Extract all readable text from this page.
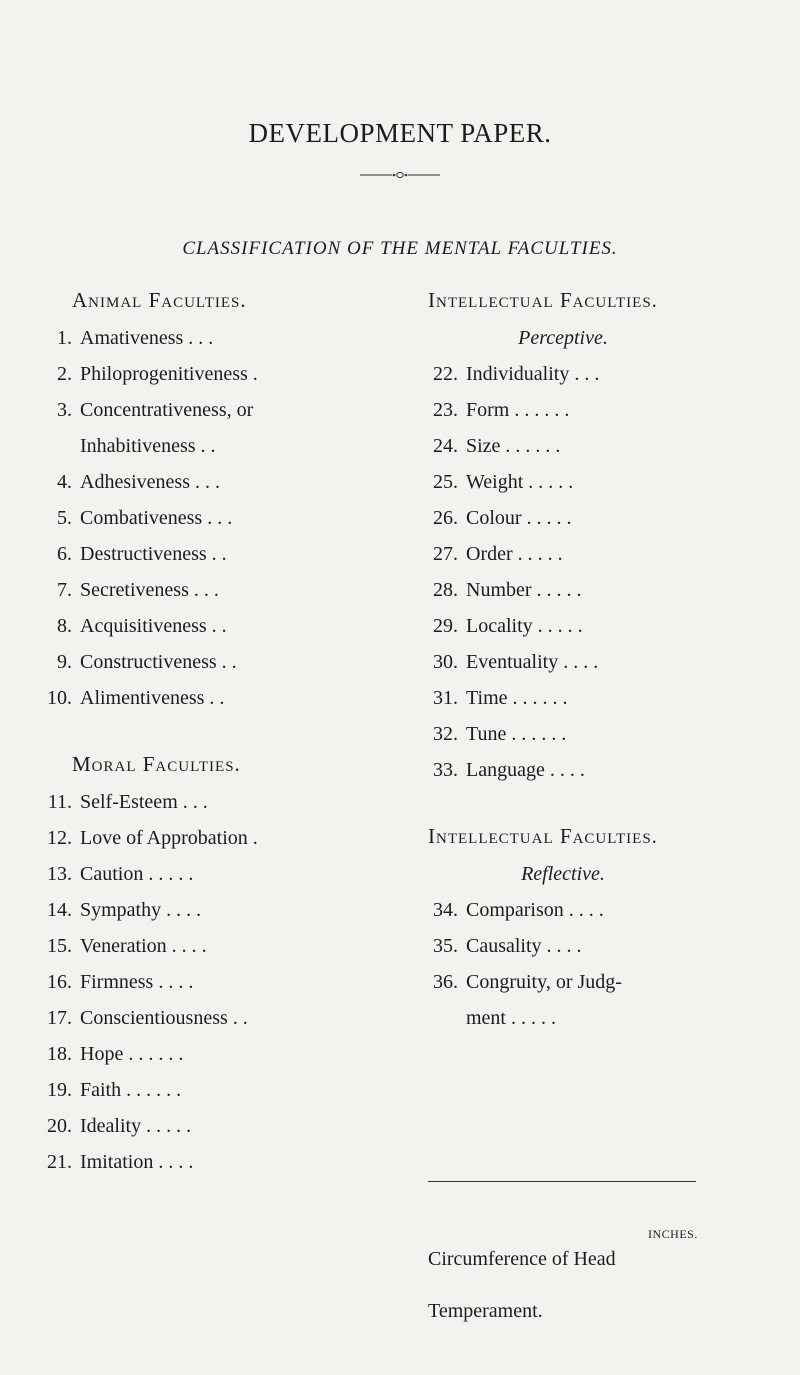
DEVELOPMENT PAPER.
CLASSIFICATION OF THE MENTAL FACULTIES.
Animal Faculties.
1. Amativeness . . .
2. Philoprogenitiveness .
3. Concentrativeness, or
Inhabitiveness . .
4. Adhesiveness . . .
5. Combativeness . . .
6. Destructiveness . .
7. Secretiveness . . .
8. Acquisitiveness . .
9. Constructiveness . .
10. Alimentiveness . .
Moral Faculties.
11. Self-Esteem . . .
12. Love of Approbation .
13. Caution . . . . .
14. Sympathy . . . .
15. Veneration . . . .
16. Firmness . . . .
17. Conscientiousness . .
18. Hope . . . . . .
19. Faith . . . . . .
20. Ideality . . . . .
21. Imitation . . . .
Intellectual Faculties.
Perceptive.
22. Individuality . . .
23. Form . . . . . .
24. Size . . . . . .
25. Weight . . . . .
26. Colour . . . . .
27. Order . . . . .
28. Number . . . . .
29. Locality . . . . .
30. Eventuality . . . .
31. Time . . . . . .
32. Tune . . . . . .
33. Language . . . .
Intellectual Faculties.
Reflective.
34. Comparison . . . .
35. Causality . . . .
36. Congruity, or Judg-
ment . . . . .
INCHES.
Circumference of Head
Temperament.
